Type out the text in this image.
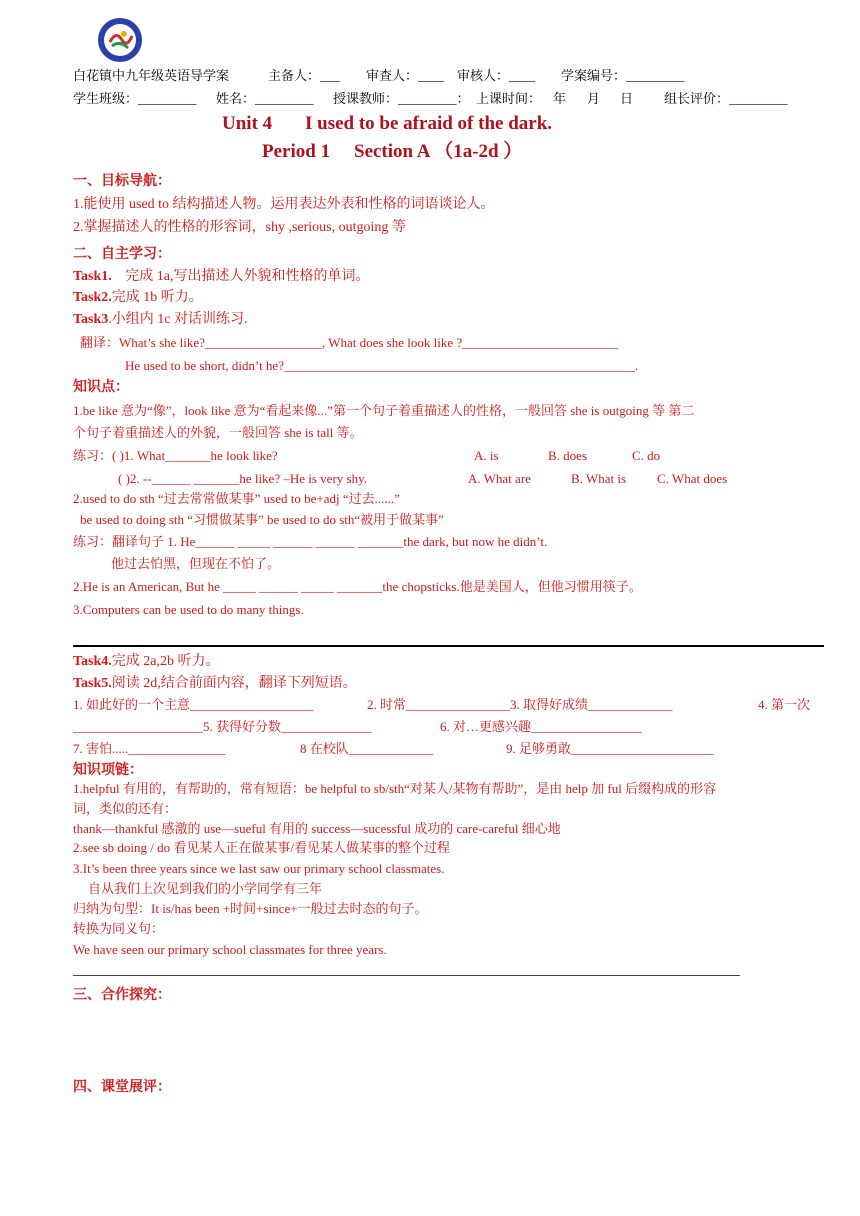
白花镇中九年级英语导学案	主备人：___ 审查人：____ 审核人：____ 学案编号：_________
学生班级：_________ 姓名：_________ 授课教师：_________： 上课时间： 年 月 日 组长评价：_________
Unit 4 I used to be afraid of the dark.
Period 1 Section A （1a-2d ）
一、目标导航：
1.能使用 used to 结构描述人物。运用表达外表和性格的词语谈论人。
2.掌握描述人的性格的形容词，shy ,serious, outgoing 等
二、自主学习：
Task1. 完成 1a,写出描述人外貌和性格的单词。
Task2.完成 1b 听力。
Task3.小组内 1c 对话训练习.
翻译：What’s she like?__________________, What does she look like ?________________________
He used to be short, didn’t he?______________________________________________________.
知识点：
1.be like 意为“像”，look like 意为“看起来像...”第一个句子着重描述人的性格，一般回答 she is outgoing 等 第二
个句子着重描述人的外貌，一般回答 she is tall 等。
练习：( )1. What_______he look like?	A. is	B. does	C. do
( )2. --______ _______he like? –He is very shy.	A. What are	B. What is C. What does
2.used to do sth “过去常常做某事” used to be+adj “过去......”
be used to doing sth “习惯做某事” be used to do sth“被用于做某事”
练习：翻译句子 1. He______ _____ ______ ______ _______the dark, but now he didn’t.
他过去怕黑，但现在不怕了。
2.He is an American, But he _____ ______ _____ _______the chopsticks.他是美国人，但他习惯用筷子。
3.Computers can be used to do many things.
Task4.完成 2a,2b 听力。
Task5.阅读 2d,结合前面内容，翻译下列短语。
1. 如此好的一个主意___________________	2. 时常________________3. 取得好成绩_____________	4. 第一次
____________________5. 获得好分数______________	6. 对…更感兴趣_________________
7. 害怕....._______________	8 在校队_____________	9. 足够勇敢______________________
知识项链：
1.helpful 有用的，有帮助的，常有短语：be helpful to sb/sth“对某人/某物有帮助”，是由 help 加 ful 后缀构成的形容
词，类似的还有：
thank—thankful 感激的 use—sueful 有用的 success—sucessful 成功的 care-careful 细心地
2.see sb doing / do 看见某人正在做某事/看见某人做某事的整个过程
3.It’s been three years since we last saw our primary school classmates.
自从我们上次见到我们的小学同学有三年
归纳为句型：It is/has been +时间+since+一般过去时态的句子。
转换为同义句：
We have seen our primary school classmates for three years.
三、合作探究：
四、课堂展评：
